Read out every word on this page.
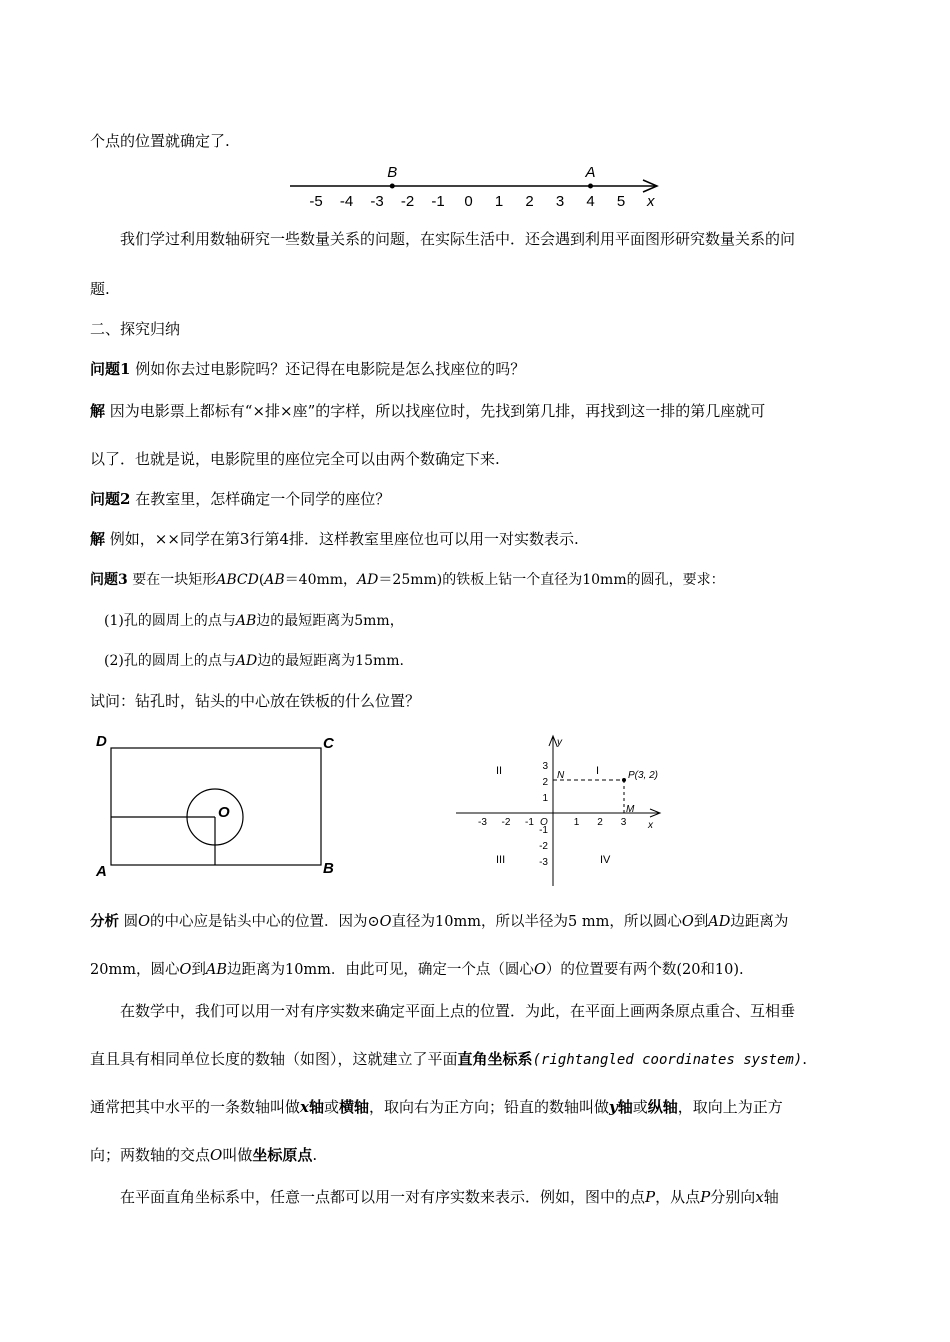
个点的位置就确定了.
-5 -4 -3 -2 -1 0 1 2 3 4 5
B	A
x
我们学过利用数轴研究一些数量关系的问题，在实际生活中．还会遇到利用平面图形研究数量关系的问
题.
二、探究归纳
问题1 例如你去过电影院吗？还记得在电影院是怎么找座位的吗？
解 因为电影票上都标有“×排×座”的字样，所以找座位时，先找到第几排，再找到这一排的第几座就可
以了．也就是说，电影院里的座位完全可以由两个数确定下来.
问题2 在教室里，怎样确定一个同学的座位？
解 例如，××同学在第3行第4排．这样教室里座位也可以用一对实数表示.
问题3 要在一块矩形ABCD(AB＝40mm，AD＝25mm)的铁板上钻一个直径为10mm的圆孔，要求：
(1)孔的圆周上的点与AB边的最短距离为5mm，
(2)孔的圆周上的点与AD边的最短距离为15mm.
试问：钻孔时，钻头的中心放在铁板的什么位置？
D	C
A	B
O
-3 -2 -1	1 2 3
3
2
1
-1
-2
-3
x
y
O
N
M
P(3, 2)
I
II
III	IV
分析 圆O的中心应是钻头中心的位置．因为⊙O直径为10mm，所以半径为5 mm，所以圆心O到AD边距离为
20mm，圆心O到AB边距离为10mm．由此可见，确定一个点（圆心O）的位置要有两个数(20和10).
在数学中，我们可以用一对有序实数来确定平面上点的位置．为此，在平面上画两条原点重合、互相垂
直且具有相同单位长度的数轴（如图），这就建立了平面直角坐标系(rightangled coordinates system).
通常把其中水平的一条数轴叫做x轴或横轴，取向右为正方向；铅直的数轴叫做y轴或纵轴，取向上为正方
向；两数轴的交点O叫做坐标原点.
在平面直角坐标系中，任意一点都可以用一对有序实数来表示．例如，图中的点P，从点P分别向x轴
